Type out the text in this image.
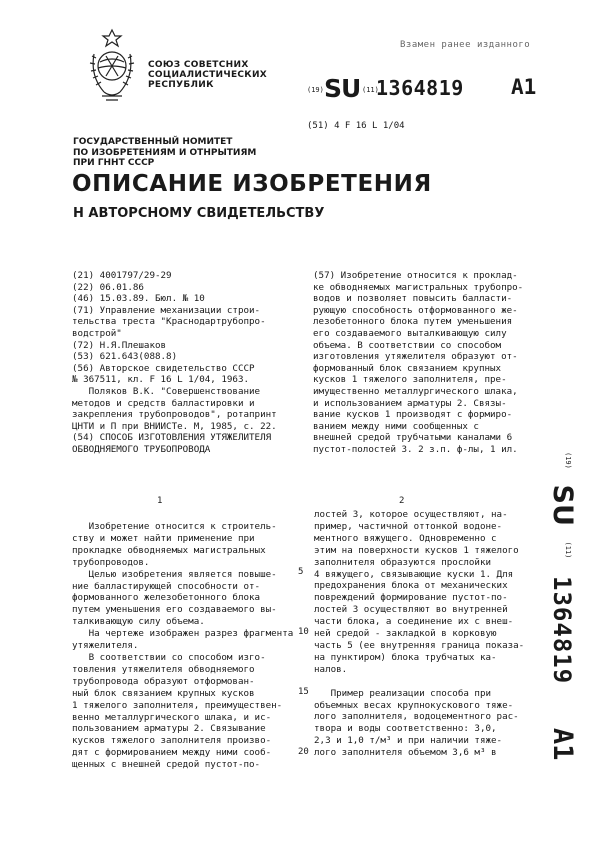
СОЮЗ СОВЕТСНИХ
СОЦИАЛИСТИЧЕСКИХ
РЕСПУБЛИК
Взамен ранее изданного
(19) SU (11)
1364819 A1
(51) 4 F 16 L 1/04
ГОСУДАРСТВЕННЫЙ НОМИТЕТ
ПО ИЗОБРЕТЕНИЯМ И ОТНРЫТИЯМ
ПРИ ГННТ СССР
ОПИСАНИЕ ИЗОБРЕТЕНИЯ
Н АВТОРСНОМУ СВИДЕТЕЛЬСТВУ
(21) 4001797/29-29
(22) 06.01.86
(46) 15.03.89. Бюл. № 10
(71) Управление механизации строи-
тельства треста "Краснодартрубопро-
водстрой"
(72) Н.Я.Плешаков
(53) 621.643(088.8)
(56) Авторское свидетельство СССР
№ 367511, кл. F 16 L 1/04, 1963.
Поляков В.К. "Совершенствование
методов и средств балластировки и
закрепления трубопроводов", ротапринт
ЦНТИ и П при ВНИИСТе. М, 1985, с. 22.
(54) СПОСОБ ИЗГОТОВЛЕНИЯ УТЯЖЕЛИТЕЛЯ
ОБВОДНЯЕМОГО ТРУБОПРОВОДА
(57) Изобретение относится к проклад-
ке обводняемых магистральных трубопро-
водов и позволяет повысить балласти-
рующую способность отформованного же-
лезобетонного блока путем уменьшения
его создаваемого выталкивающую силу
объема. В соответствии со способом
изготовления утяжелителя образуют от-
формованный блок связанием крупных
кусков 1 тяжелого заполнителя, пре-
имущественно металлургического шлака,
и использованием арматуры 2. Связы-
вание кусков 1 производят с формиро-
ванием между ними сообщенных с
внешней средой трубчатыми каналами 6
пустот-полостей 3. 2 з.п. ф-лы, 1 ил.
1	2
Изобретение относится к строитель-
ству и может найти применение при
прокладке обводняемых магистральных
трубопроводов.
Целью изобретения является повыше-
ние балластирующей способности от-
формованного железобетонного блока
путем уменьшения его создаваемого вы-
талкивающую силу объема.
На чертеже изображен разрез фрагмента
утяжелителя.
В соответствии со способом изго-
товления утяжелителя обводняемого
трубопровода образуют отформован-
ный блок связанием крупных кусков
1 тяжелого заполнителя, преимуществен-
венно металлургического шлака, и ис-
пользованием арматуры 2. Связывание
кусков тяжелого заполнителя произво-
дят с формированием между ними сооб-
щенных с внешней средой пустот-по-
5
10
лостей 3, которое осуществляют, на-
пример, частичной оттонкой водоне-
ментного вяжущего. Одновременно с
этим на поверхности кусков 1 тяжелого
заполнителя образуются прослойки
4 вяжущего, связывающие куски 1. Для
предохранения блока от механических
повреждений формирование пустот-по-
лостей 3 осуществляют во внутренней
части блока, а соединение их с внеш-
ней средой - закладкой в корковую
часть 5 (ее внутренняя граница показа-
на пунктиром) блока трубчатых ка-
налов.

Пример реализации способа при
объемных весах крупнокускового тяже-
лого заполнителя, водоцементного рас-
твора и воды соответственно: 3,0,
2,3 и 1,0 т/м³ и при наличии тяже-
лого заполнителя объемом 3,6 м³ в
15
20
$^{(19)}$ SU $^{(11)}$ 1364819 A1
